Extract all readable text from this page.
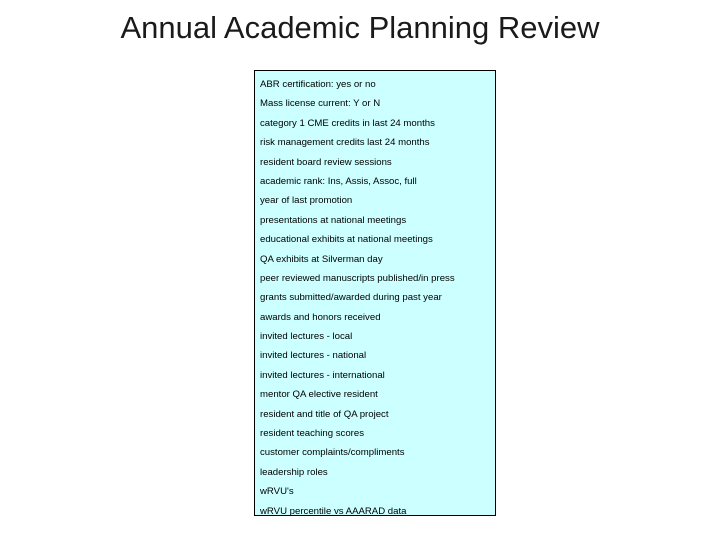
Annual Academic Planning Review
ABR certification: yes or no
Mass license current: Y or N
category 1 CME credits in last 24 months
risk management credits last 24 months
resident board review sessions
academic rank: Ins, Assis, Assoc, full
year of last promotion
presentations at national meetings
educational exhibits at national meetings
QA exhibits at Silverman day
peer reviewed manuscripts published/in press
grants submitted/awarded during past year
awards and honors received
invited lectures - local
invited lectures - national
invited lectures - international
mentor QA elective resident
resident and title of QA project
resident teaching scores
customer complaints/compliments
leadership roles
wRVU's
wRVU percentile vs AAARAD data
